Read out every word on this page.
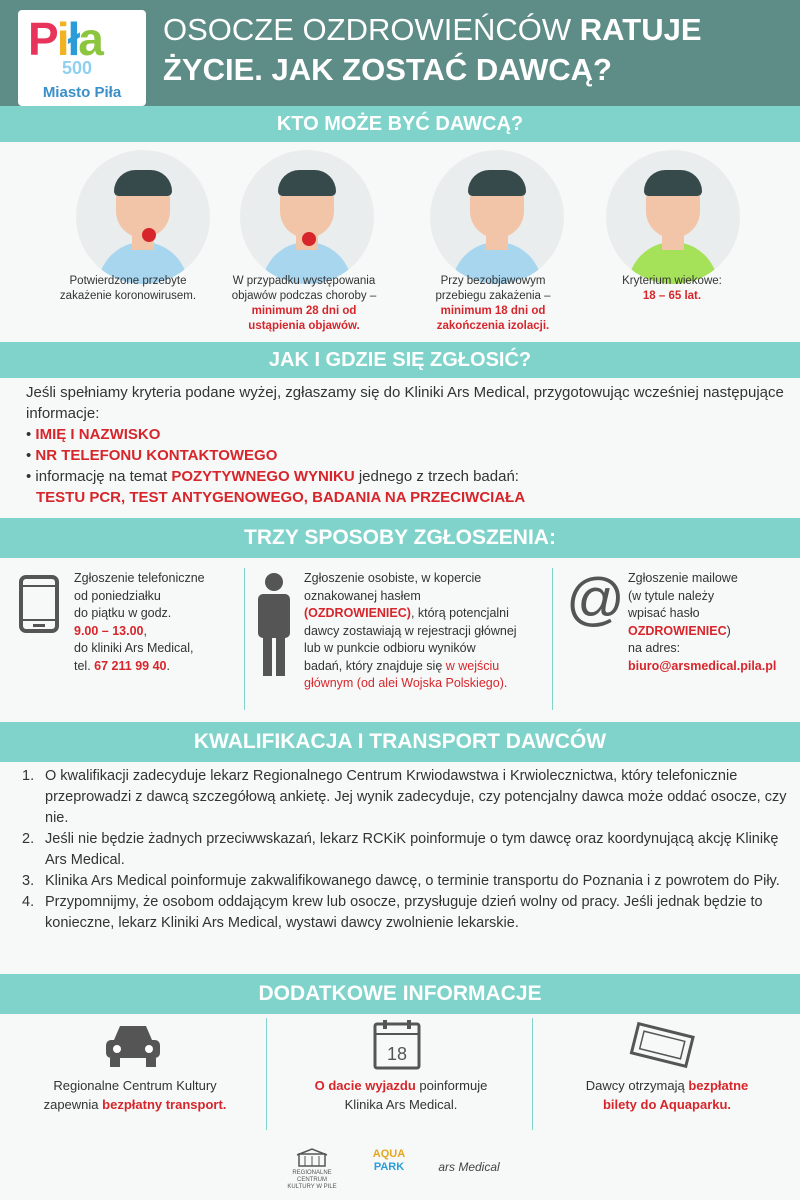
Piła
500
Miasto Piła
OSOCZE OZDROWIEŃCÓW RATUJE
ŻYCIE. JAK ZOSTAĆ DAWCĄ?
KTO MOŻE BYĆ DAWCĄ?
Potwierdzone przebyte zakażenie koronowirusem.
W przypadku występowania objawów podczas choroby – minimum 28 dni od ustąpienia objawów.
Przy bezobjawowym przebiegu zakażenia – minimum 18 dni od zakończenia izolacji.
Kryterium wiekowe:
18 – 65 lat.
JAK I GDZIE SIĘ ZGŁOSIĆ?
Jeśli spełniamy kryteria podane wyżej, zgłaszamy się do Kliniki Ars Medical, przygotowując wcześniej następujące informacje:
• IMIĘ I NAZWISKO
• NR TELEFONU KONTAKTOWEGO
• informację na temat POZYTYWNEGO WYNIKU jednego z trzech badań:
TESTU PCR, TEST ANTYGENOWEGO, BADANIA NA PRZECIWCIAŁA
TRZY SPOSOBY ZGŁOSZENIA:
Zgłoszenie telefoniczne
od poniedziałku
do piątku w godz.
9.00 – 13.00,
do kliniki Ars Medical,
tel. 67 211 99 40.
Zgłoszenie osobiste, w kopercie
oznakowanej hasłem
(OZDROWIENIEC), którą potencjalni
dawcy zostawiają w rejestracji głównej
lub w punkcie odbioru wyników
badań, który znajduje się w wejściu
głównym (od alei Wojska Polskiego).
@ Zgłoszenie mailowe
(w tytule należy
wpisać hasło
OZDROWIENIEC)
na adres:
biuro@arsmedical.pila.pl
KWALIFIKACJA I TRANSPORT DAWCÓW
1. O kwalifikacji zadecyduje lekarz Regionalnego Centrum Krwiodawstwa i Krwiolecznictwa, który telefonicznie przeprowadzi z dawcą szczegółową ankietę. Jej wynik zadecyduje, czy potencjalny dawca może oddać osocze, czy nie.
2. Jeśli nie będzie żadnych przeciwwskazań, lekarz RCKiK poinformuje o tym dawcę oraz koordynującą akcję Klinikę Ars Medical.
3. Klinika Ars Medical poinformuje zakwalifikowanego dawcę, o terminie transportu do Poznania i z powrotem do Piły.
4. Przypomnijmy, że osobom oddającym krew lub osocze, przysługuje dzień wolny od pracy. Jeśli jednak będzie to konieczne, lekarz Kliniki Ars Medical, wystawi dawcy zwolnienie lekarskie.
DODATKOWE INFORMACJE
Regionalne Centrum Kultury
zapewnia bezpłatny transport.
18
O dacie wyjazdu poinformuje
Klinika Ars Medical.
Dawcy otrzymają bezpłatne
bilety do Aquaparku.
REGIONALNE CENTRUM
KULTURY W PILE
AQUA
PARK	ars Medical
